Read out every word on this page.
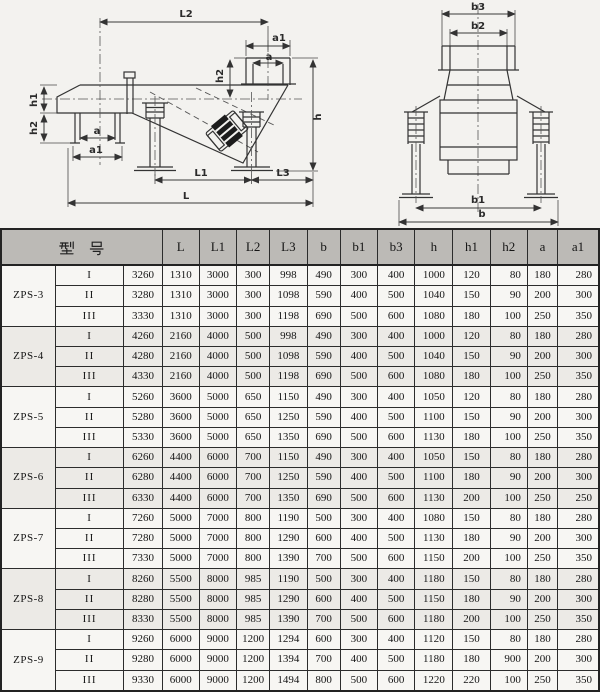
L2
a1
a
h2
h1
h2	a
a1
h
L1	L3
L
b3
b2
b1
b
	L	L1	L2	L3	b	b1	b3	h	h1	h2	a	a1
ZPS-3	I	3260	1310	3000	300	998	490	300	400	1000	120	80	180	280
	II	3280	1310	3000	300	1098	590	400	500	1040	150	90	200	300
	III	3330	1310	3000	300	1198	690	500	600	1080	180	100	250	350
ZPS-4	I	4260	2160	4000	500	998	490	300	400	1000	120	80	180	280
	II	4280	2160	4000	500	1098	590	400	500	1040	150	90	200	300
	III	4330	2160	4000	500	1198	690	500	600	1080	180	100	250	350
ZPS-5	I	5260	3600	5000	650	1150	490	300	400	1050	120	80	180	280
	II	5280	3600	5000	650	1250	590	400	500	1100	150	90	200	300
	III	5330	3600	5000	650	1350	690	500	600	1130	180	100	250	350
ZPS-6	I	6260	4400	6000	700	1150	490	300	400	1050	150	80	180	280
	II	6280	4400	6000	700	1250	590	400	500	1100	180	90	200	300
	III	6330	4400	6000	700	1350	690	500	600	1130	200	100	250	250
ZPS-7	I	7260	5000	7000	800	1190	500	300	400	1080	150	80	180	280
	II	7280	5000	7000	800	1290	600	400	500	1130	180	90	200	300
	III	7330	5000	7000	800	1390	700	500	600	1150	200	100	250	350
ZPS-8	I	8260	5500	8000	985	1190	500	300	400	1180	150	80	180	280
	II	8280	5500	8000	985	1290	600	400	500	1150	180	90	200	300
	III	8330	5500	8000	985	1390	700	500	600	1180	200	100	250	350
ZPS-9	I	9260	6000	9000	1200	1294	600	300	400	1120	150	80	180	280
	II	9280	6000	9000	1200	1394	700	400	500	1180	180	900	200	300
	III	9330	6000	9000	1200	1494	800	500	600	1220	220	100	250	350
